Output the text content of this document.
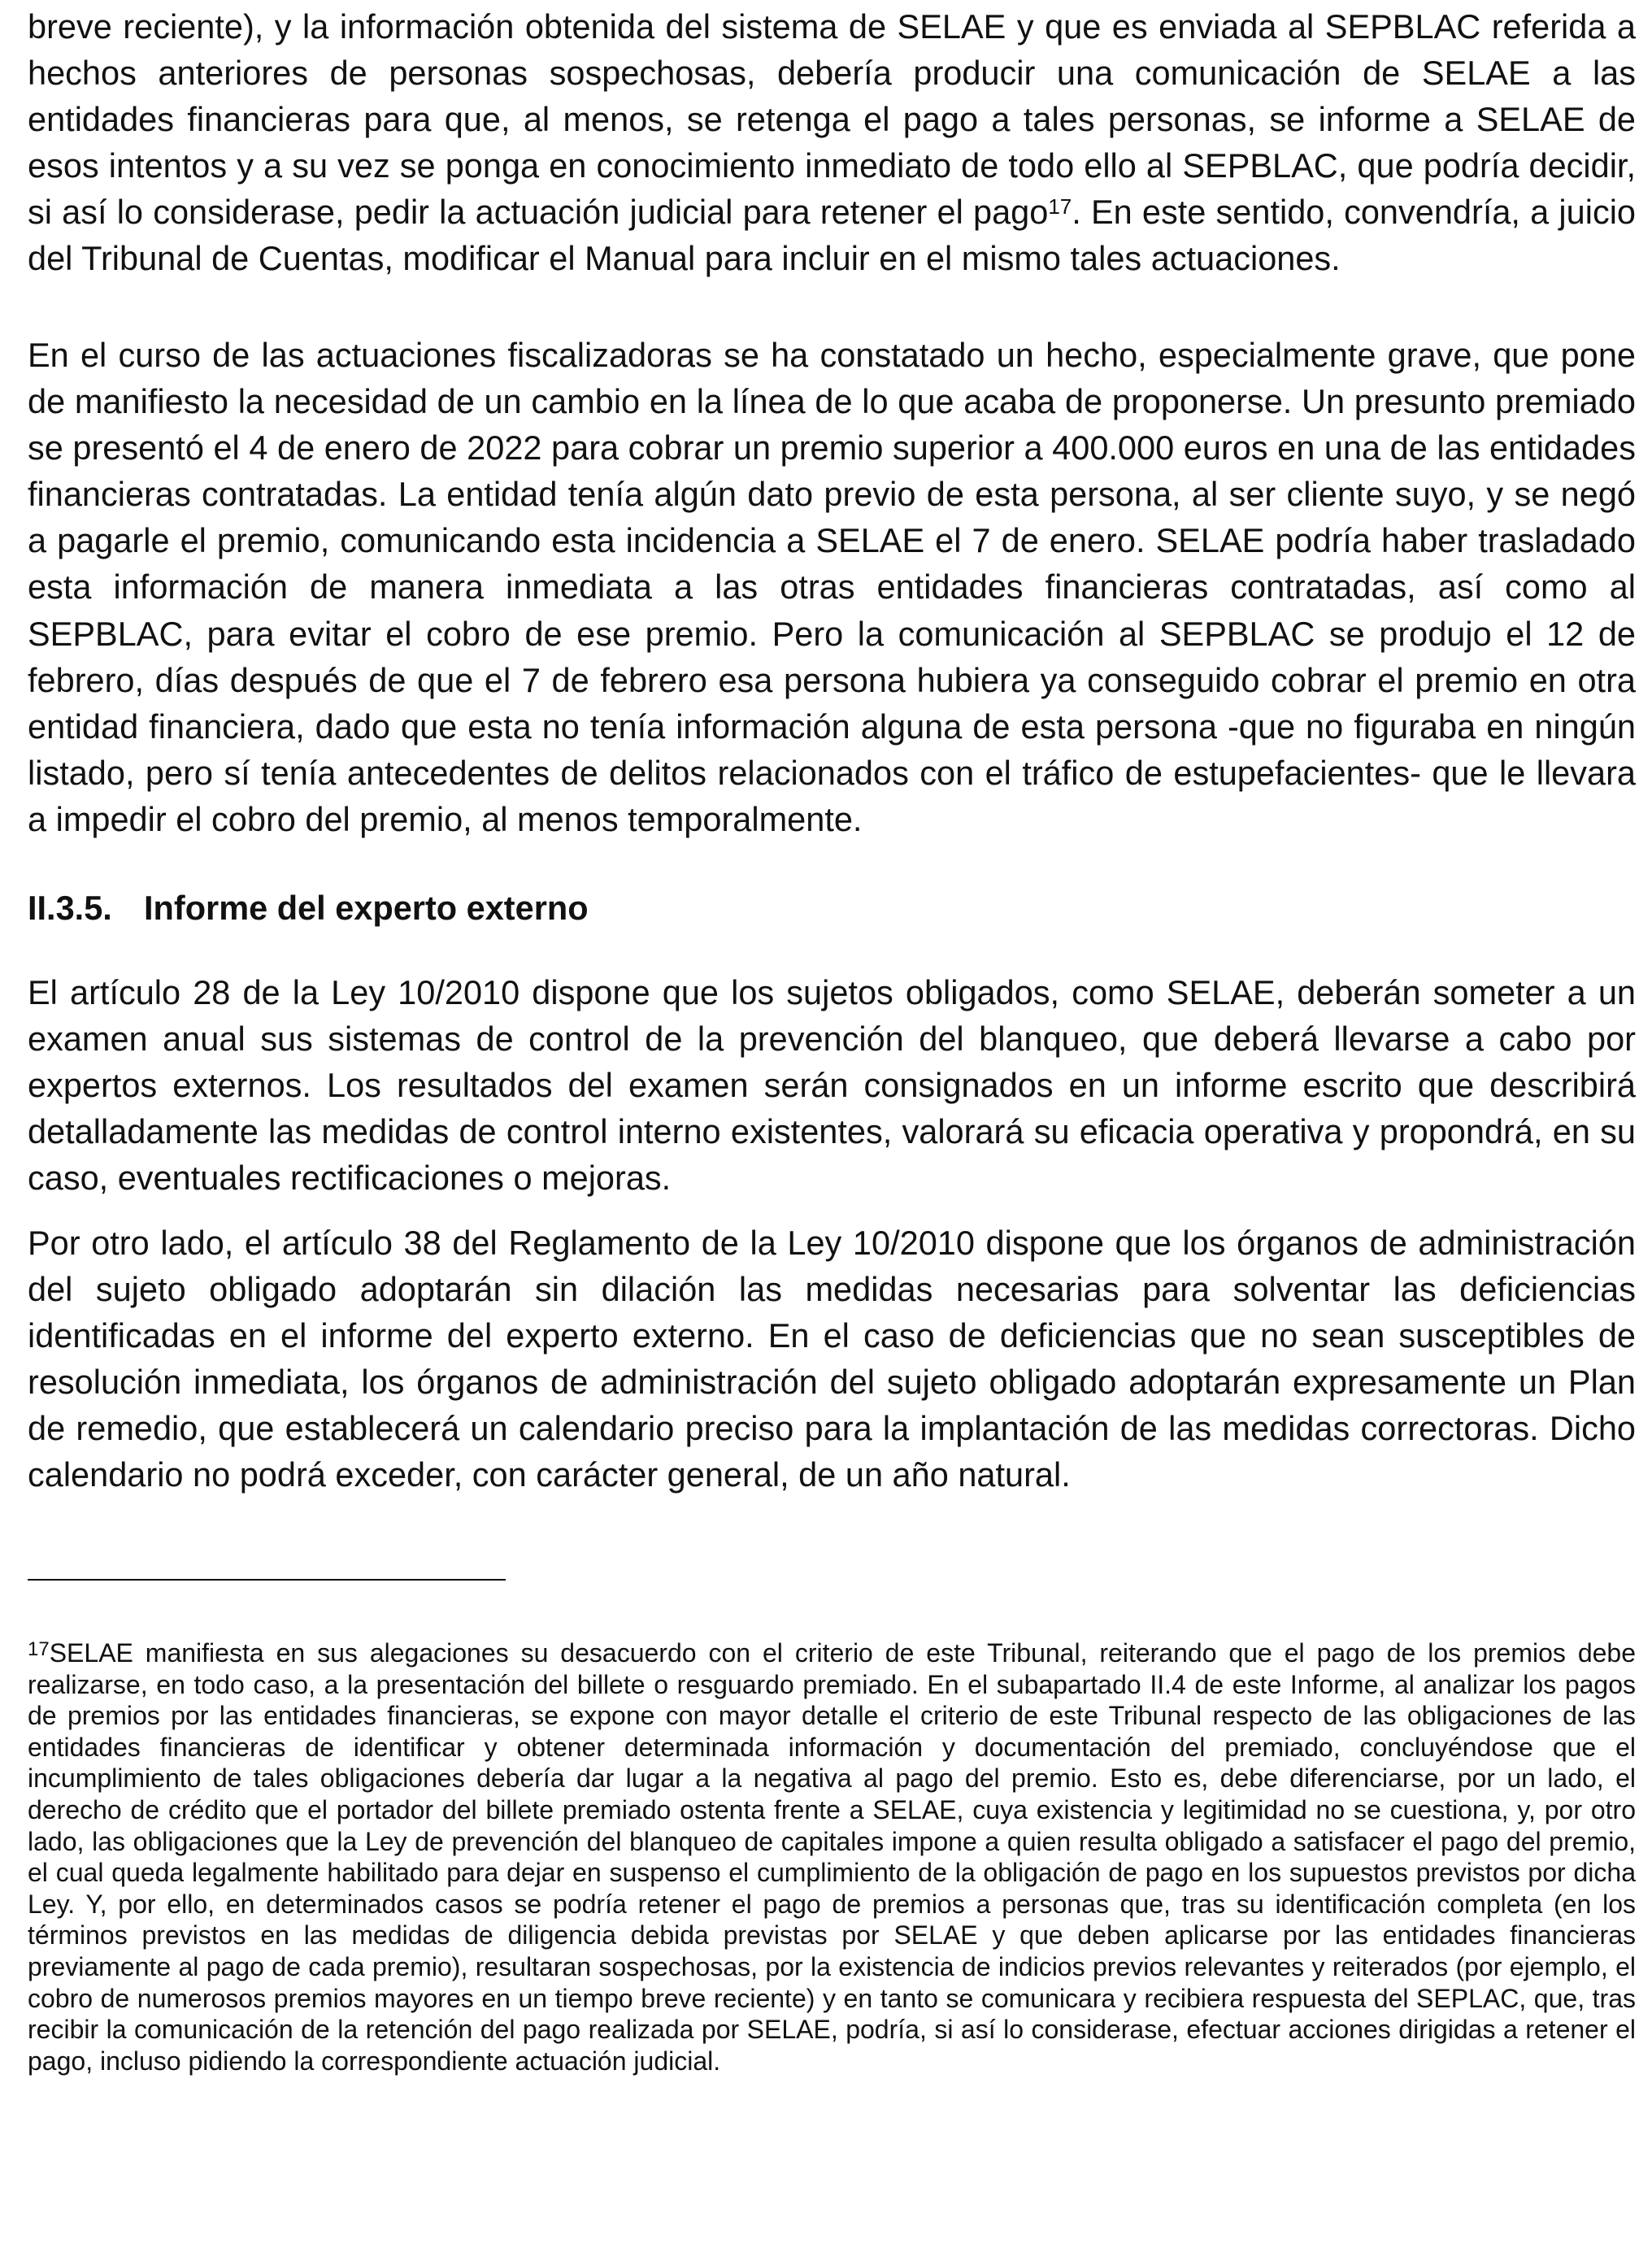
breve reciente), y la información obtenida del sistema de SELAE y que es enviada al SEPBLAC referida a hechos anteriores de personas sospechosas, debería producir una comunicación de SELAE a las entidades financieras para que, al menos, se retenga el pago a tales personas, se informe a SELAE de esos intentos y a su vez se ponga en conocimiento inmediato de todo ello al SEPBLAC, que podría decidir, si así lo considerase, pedir la actuación judicial para retener el pago$^{17}$. En este sentido, convendría, a juicio del Tribunal de Cuentas, modificar el Manual para incluir en el mismo tales actuaciones.

En el curso de las actuaciones fiscalizadoras se ha constatado un hecho, especialmente grave, que pone de manifiesto la necesidad de un cambio en la línea de lo que acaba de proponerse. Un presunto premiado se presentó el 4 de enero de 2022 para cobrar un premio superior a 400.000 euros en una de las entidades financieras contratadas. La entidad tenía algún dato previo de esta persona, al ser cliente suyo, y se negó a pagarle el premio, comunicando esta incidencia a SELAE el 7 de enero. SELAE podría haber trasladado esta información de manera inmediata a las otras entidades financieras contratadas, así como al SEPBLAC, para evitar el cobro de ese premio. Pero la comunicación al SEPBLAC se produjo el 12 de febrero, días después de que el 7 de febrero esa persona hubiera ya conseguido cobrar el premio en otra entidad financiera, dado que esta no tenía información alguna de esta persona -que no figuraba en ningún listado, pero sí tenía antecedentes de delitos relacionados con el tráfico de estupefacientes- que le llevara a impedir el cobro del premio, al menos temporalmente.

II.3.5. Informe del experto externo

El artículo 28 de la Ley 10/2010 dispone que los sujetos obligados, como SELAE, deberán someter a un examen anual sus sistemas de control de la prevención del blanqueo, que deberá llevarse a cabo por expertos externos. Los resultados del examen serán consignados en un informe escrito que describirá detalladamente las medidas de control interno existentes, valorará su eficacia operativa y propondrá, en su caso, eventuales rectificaciones o mejoras.

Por otro lado, el artículo 38 del Reglamento de la Ley 10/2010 dispone que los órganos de administración del sujeto obligado adoptarán sin dilación las medidas necesarias para solventar las deficiencias identificadas en el informe del experto externo. En el caso de deficiencias que no sean susceptibles de resolución inmediata, los órganos de administración del sujeto obligado adoptarán expresamente un Plan de remedio, que establecerá un calendario preciso para la implantación de las medidas correctoras. Dicho calendario no podrá exceder, con carácter general, de un año natural.

$^{17}$SELAE manifiesta en sus alegaciones su desacuerdo con el criterio de este Tribunal, reiterando que el pago de los premios debe realizarse, en todo caso, a la presentación del billete o resguardo premiado. En el subapartado II.4 de este Informe, al analizar los pagos de premios por las entidades financieras, se expone con mayor detalle el criterio de este Tribunal respecto de las obligaciones de las entidades financieras de identificar y obtener determinada información y documentación del premiado, concluyéndose que el incumplimiento de tales obligaciones debería dar lugar a la negativa al pago del premio. Esto es, debe diferenciarse, por un lado, el derecho de crédito que el portador del billete premiado ostenta frente a SELAE, cuya existencia y legitimidad no se cuestiona, y, por otro lado, las obligaciones que la Ley de prevención del blanqueo de capitales impone a quien resulta obligado a satisfacer el pago del premio, el cual queda legalmente habilitado para dejar en suspenso el cumplimiento de la obligación de pago en los supuestos previstos por dicha Ley. Y, por ello, en determinados casos se podría retener el pago de premios a personas que, tras su identificación completa (en los términos previstos en las medidas de diligencia debida previstas por SELAE y que deben aplicarse por las entidades financieras previamente al pago de cada premio), resultaran sospechosas, por la existencia de indicios previos relevantes y reiterados (por ejemplo, el cobro de numerosos premios mayores en un tiempo breve reciente) y en tanto se comunicara y recibiera respuesta del SEPLAC, que, tras recibir la comunicación de la retención del pago realizada por SELAE, podría, si así lo considerase, efectuar acciones dirigidas a retener el pago, incluso pidiendo la correspondiente actuación judicial.
